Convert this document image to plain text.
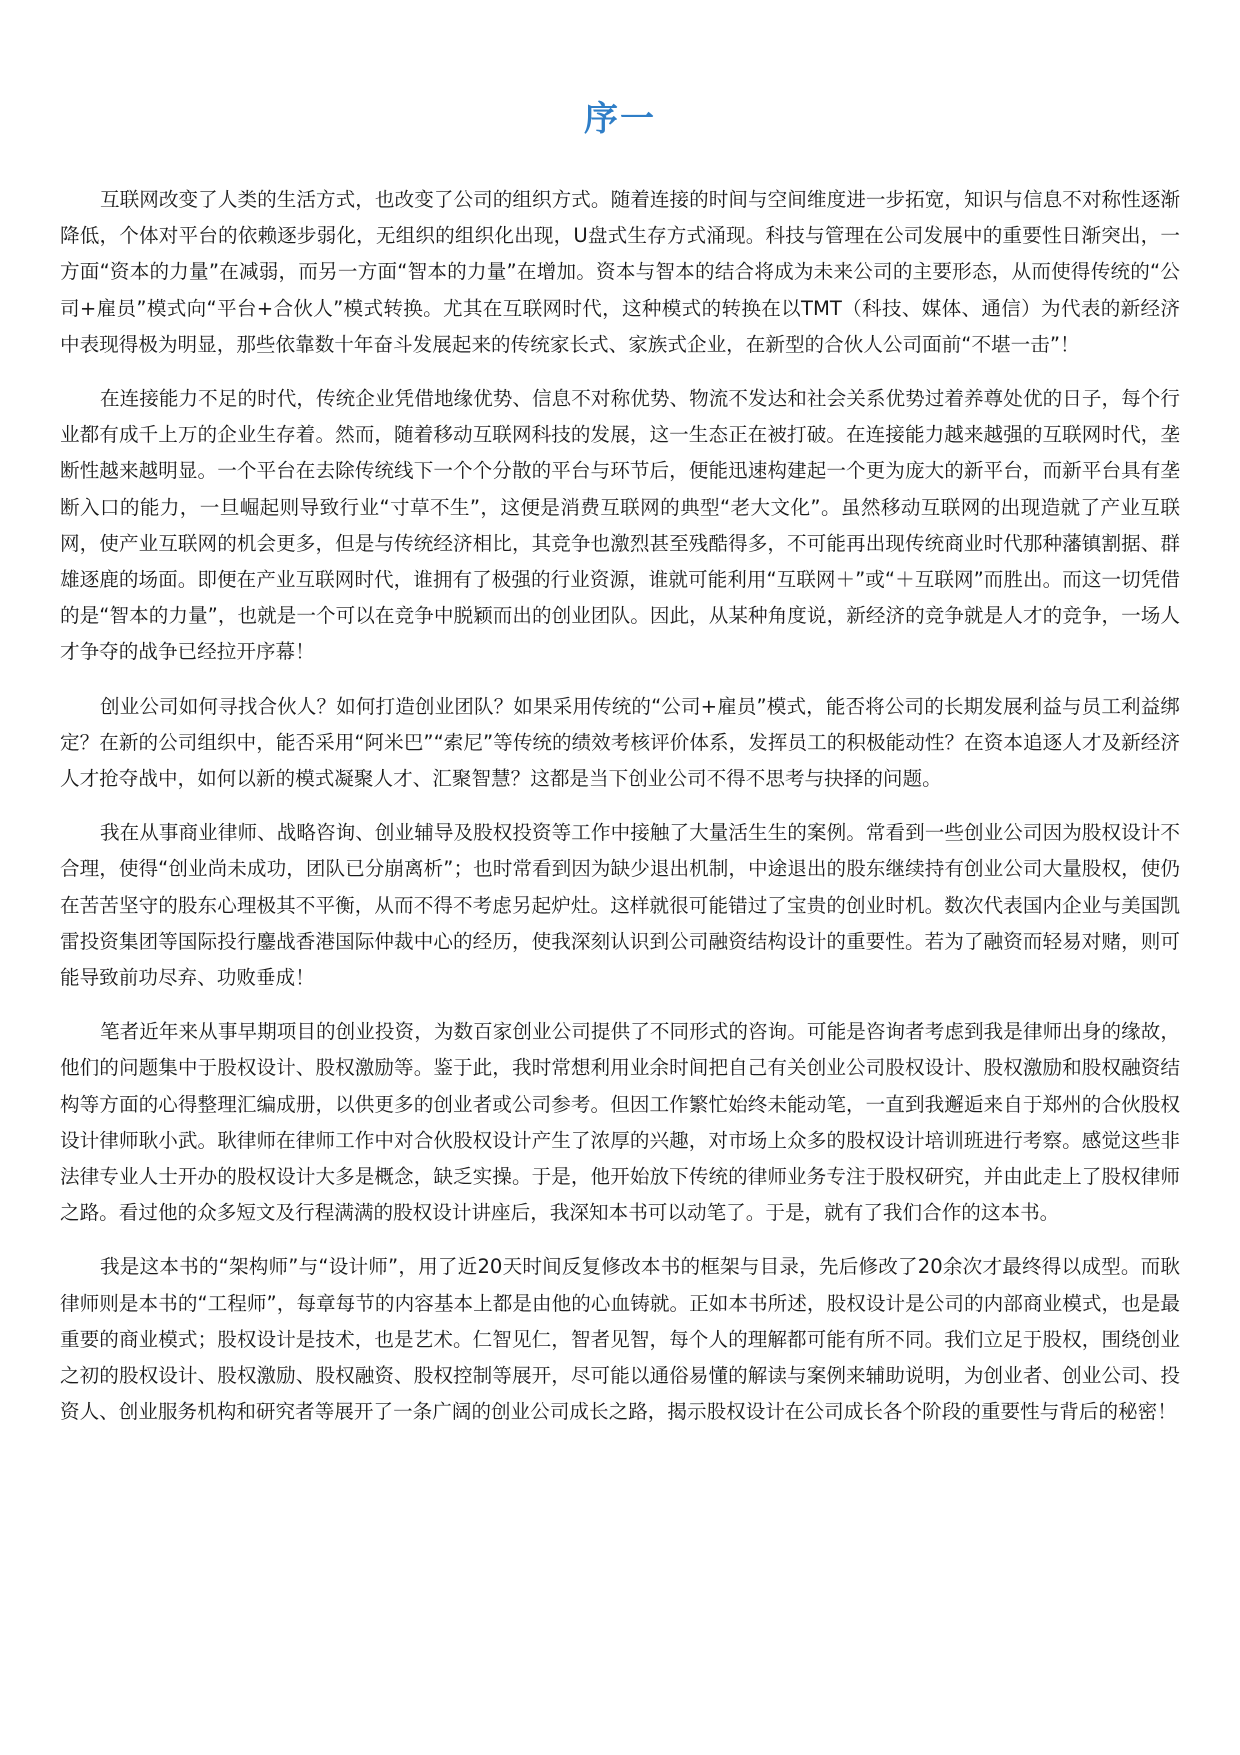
序一

互联网改变了人类的生活方式，也改变了公司的组织方式。随着连接的时间与空间维度进一步拓宽，知识与信息不对称性逐渐降低，个体对平台的依赖逐步弱化，无组织的组织化出现，U盘式生存方式涌现。科技与管理在公司发展中的重要性日渐突出，一方面“资本的力量”在减弱，而另一方面“智本的力量”在增加。资本与智本的结合将成为未来公司的主要形态，从而使得传统的“公司+雇员”模式向“平台+合伙人”模式转换。尤其在互联网时代，这种模式的转换在以TMT（科技、媒体、通信）为代表的新经济中表现得极为明显，那些依靠数十年奋斗发展起来的传统家长式、家族式企业，在新型的合伙人公司面前“不堪一击”！

在连接能力不足的时代，传统企业凭借地缘优势、信息不对称优势、物流不发达和社会关系优势过着养尊处优的日子，每个行业都有成千上万的企业生存着。然而，随着移动互联网科技的发展，这一生态正在被打破。在连接能力越来越强的互联网时代，垄断性越来越明显。一个平台在去除传统线下一个个分散的平台与环节后，便能迅速构建起一个更为庞大的新平台，而新平台具有垄断入口的能力，一旦崛起则导致行业“寸草不生”，这便是消费互联网的典型“老大文化”。虽然移动互联网的出现造就了产业互联网，使产业互联网的机会更多，但是与传统经济相比，其竞争也激烈甚至残酷得多，不可能再出现传统商业时代那种藩镇割据、群雄逐鹿的场面。即便在产业互联网时代，谁拥有了极强的行业资源，谁就可能利用“互联网＋”或“＋互联网”而胜出。而这一切凭借的是“智本的力量”，也就是一个可以在竞争中脱颖而出的创业团队。因此，从某种角度说，新经济的竞争就是人才的竞争，一场人才争夺的战争已经拉开序幕！

创业公司如何寻找合伙人？如何打造创业团队？如果采用传统的“公司+雇员”模式，能否将公司的长期发展利益与员工利益绑定？在新的公司组织中，能否采用“阿米巴”“索尼”等传统的绩效考核评价体系，发挥员工的积极能动性？在资本追逐人才及新经济人才抢夺战中，如何以新的模式凝聚人才、汇聚智慧？这都是当下创业公司不得不思考与抉择的问题。

我在从事商业律师、战略咨询、创业辅导及股权投资等工作中接触了大量活生生的案例。常看到一些创业公司因为股权设计不合理，使得“创业尚未成功，团队已分崩离析”；也时常看到因为缺少退出机制，中途退出的股东继续持有创业公司大量股权，使仍在苦苦坚守的股东心理极其不平衡，从而不得不考虑另起炉灶。这样就很可能错过了宝贵的创业时机。数次代表国内企业与美国凯雷投资集团等国际投行鏖战香港国际仲裁中心的经历，使我深刻认识到公司融资结构设计的重要性。若为了融资而轻易对赌，则可能导致前功尽弃、功败垂成！

笔者近年来从事早期项目的创业投资，为数百家创业公司提供了不同形式的咨询。可能是咨询者考虑到我是律师出身的缘故，他们的问题集中于股权设计、股权激励等。鉴于此，我时常想利用业余时间把自己有关创业公司股权设计、股权激励和股权融资结构等方面的心得整理汇编成册，以供更多的创业者或公司参考。但因工作繁忙始终未能动笔，一直到我邂逅来自于郑州的合伙股权设计律师耿小武。耿律师在律师工作中对合伙股权设计产生了浓厚的兴趣，对市场上众多的股权设计培训班进行考察。感觉这些非法律专业人士开办的股权设计大多是概念，缺乏实操。于是，他开始放下传统的律师业务专注于股权研究，并由此走上了股权律师之路。看过他的众多短文及行程满满的股权设计讲座后，我深知本书可以动笔了。于是，就有了我们合作的这本书。

我是这本书的“架构师”与“设计师”，用了近20天时间反复修改本书的框架与目录，先后修改了20余次才最终得以成型。而耿律师则是本书的“工程师”，每章每节的内容基本上都是由他的心血铸就。正如本书所述，股权设计是公司的内部商业模式，也是最重要的商业模式；股权设计是技术，也是艺术。仁智见仁，智者见智，每个人的理解都可能有所不同。我们立足于股权，围绕创业之初的股权设计、股权激励、股权融资、股权控制等展开，尽可能以通俗易懂的解读与案例来辅助说明，为创业者、创业公司、投资人、创业服务机构和研究者等展开了一条广阔的创业公司成长之路，揭示股权设计在公司成长各个阶段的重要性与背后的秘密！
